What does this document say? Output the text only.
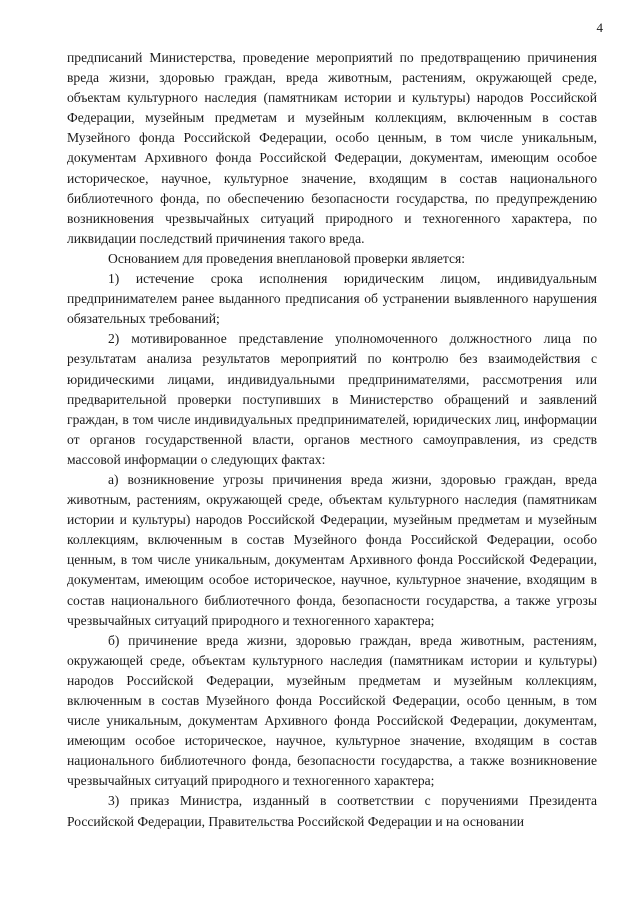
4

предписаний Министерства, проведение мероприятий по предотвращению причинения вреда жизни, здоровью граждан, вреда животным, растениям, окружающей среде, объектам культурного наследия (памятникам истории и культуры) народов Российской Федерации, музейным предметам и музейным коллекциям, включенным в состав Музейного фонда Российской Федерации, особо ценным, в том числе уникальным, документам Архивного фонда Российской Федерации, документам, имеющим особое историческое, научное, культурное значение, входящим в состав национального библиотечного фонда, по обеспечению безопасности государства, по предупреждению возникновения чрезвычайных ситуаций природного и техногенного характера, по ликвидации последствий причинения такого вреда.

Основанием для проведения внеплановой проверки является:

1) истечение срока исполнения юридическим лицом, индивидуальным предпринимателем ранее выданного предписания об устранении выявленного нарушения обязательных требований;

2) мотивированное представление уполномоченного должностного лица по результатам анализа результатов мероприятий по контролю без взаимодействия с юридическими лицами, индивидуальными предпринимателями, рассмотрения или предварительной проверки поступивших в Министерство обращений и заявлений граждан, в том числе индивидуальных предпринимателей, юридических лиц, информации от органов государственной власти, органов местного самоуправления, из средств массовой информации о следующих фактах:

а) возникновение угрозы причинения вреда жизни, здоровью граждан, вреда животным, растениям, окружающей среде, объектам культурного наследия (памятникам истории и культуры) народов Российской Федерации, музейным предметам и музейным коллекциям, включенным в состав Музейного фонда Российской Федерации, особо ценным, в том числе уникальным, документам Архивного фонда Российской Федерации, документам, имеющим особое историческое, научное, культурное значение, входящим в состав национального библиотечного фонда, безопасности государства, а также угрозы чрезвычайных ситуаций природного и техногенного характера;

б) причинение вреда жизни, здоровью граждан, вреда животным, растениям, окружающей среде, объектам культурного наследия (памятникам истории и культуры) народов Российской Федерации, музейным предметам и музейным коллекциям, включенным в состав Музейного фонда Российской Федерации, особо ценным, в том числе уникальным, документам Архивного фонда Российской Федерации, документам, имеющим особое историческое, научное, культурное значение, входящим в состав национального библиотечного фонда, безопасности государства, а также возникновение чрезвычайных ситуаций природного и техногенного характера;

3) приказ Министра, изданный в соответствии с поручениями Президента Российской Федерации, Правительства Российской Федерации и на основании
